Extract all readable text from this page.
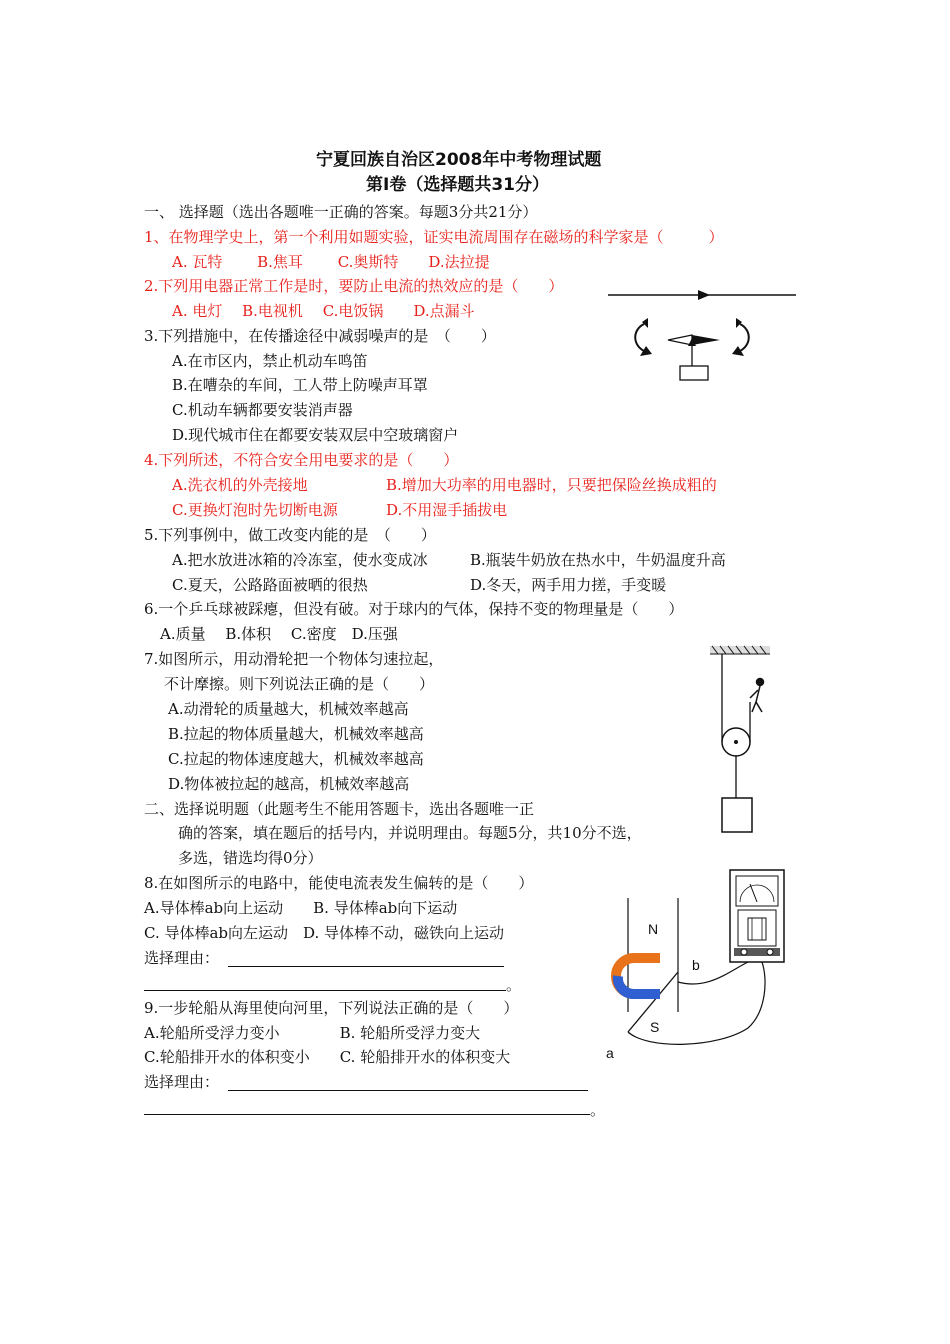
宁夏回族自治区2008年中考物理试题
第Ⅰ卷（选择题共31分）
一、 选择题（选出各题唯一正确的答案。每题3分共21分）
1、在物理学史上，第一个利用如题实验，证实电流周围存在磁场的科学家是（　　　）
A. 瓦特　　 B.焦耳　　 C.奥斯特　　D.法拉提
2.下列用电器正常工作是时，要防止电流的热效应的是（　　）
A. 电灯　 B.电视机　 C.电饭锅　　D.点漏斗
3.下列措施中，在传播途径中减弱噪声的是　（　　）
A.在市区内，禁止机动车鸣笛
B.在嘈杂的车间，工人带上防噪声耳罩
C.机动车辆都要安装消声器
D.现代城市住在都要安装双层中空玻璃窗户
4.下列所述，不符合安全用电要求的是（　　）
A.洗衣机的外壳接地	B.增加大功率的用电器时，只要把保险丝换成粗的
C.更换灯泡时先切断电源	D.不用湿手插拔电
5.下列事例中，做工改变内能的是　（　　）
A.把水放进冰箱的冷冻室，使水变成冰	B.瓶装牛奶放在热水中，牛奶温度升高
C.夏天，公路路面被晒的很热	D.冬天，两手用力搓，手变暖
6.一个乒乓球被踩瘪，但没有破。对于球内的气体，保持不变的物理量是（　　）
A.质量　 B.体积　 C.密度　D.压强
7.如图所示，用动滑轮把一个物体匀速拉起，
不计摩擦。则下列说法正确的是（　　）
A.动滑轮的质量越大，机械效率越高
B.拉起的物体质量越大，机械效率越高
C.拉起的物体速度越大，机械效率越高
D.物体被拉起的越高，机械效率越高
二、选择说明题（此题考生不能用答题卡，选出各题唯一正
确的答案，填在题后的括号内，并说明理由。每题5分，共10分不选，
多选，错选均得0分）
8.在如图所示的电路中，能使电流表发生偏转的是（　　）
A.导体棒ab向上运动　　B. 导体棒ab向下运动
C. 导体棒ab向左运动　D. 导体棒不动，磁铁向上运动
选择理由：
。
9.一步轮船从海里使向河里，下列说法正确的是（　　）
A.轮船所受浮力变小　　　　B. 轮船所受浮力变大
C.轮船排开水的体积变小　　C. 轮船排开水的体积变大
选择理由：
。
N
S
a
b
